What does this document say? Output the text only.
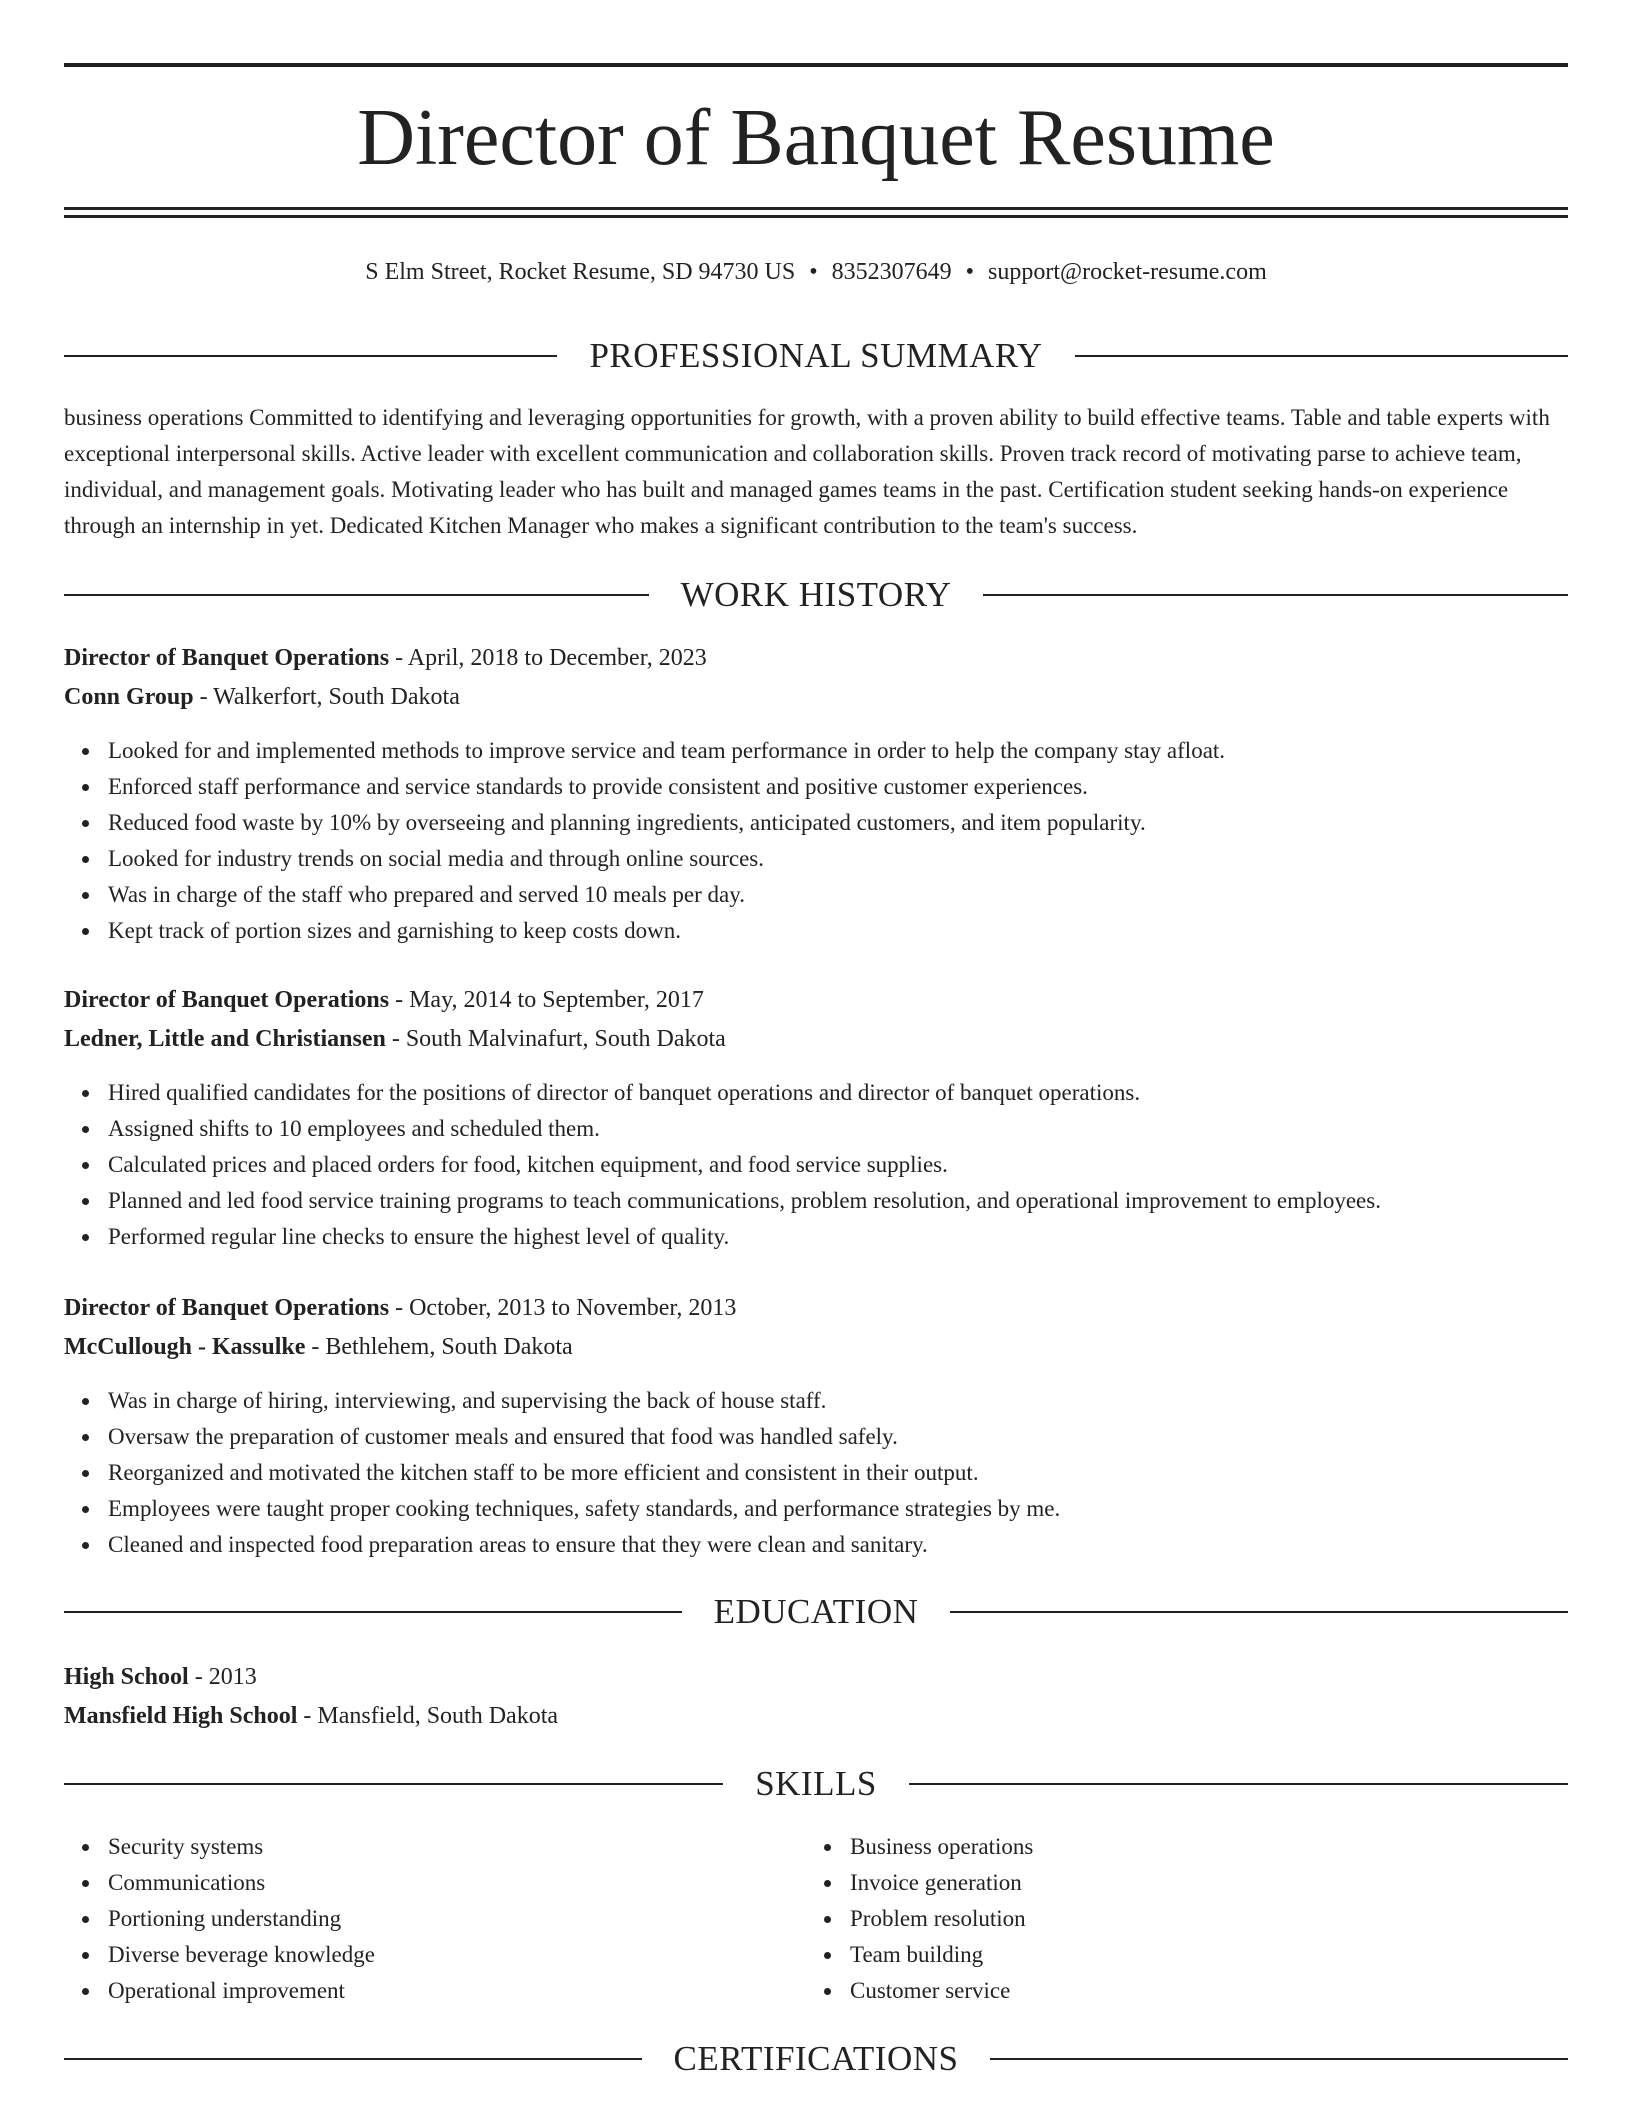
Director of Banquet Resume
S Elm Street, Rocket Resume, SD 94730 US • 8352307649 • support@rocket-resume.com
PROFESSIONAL SUMMARY

business operations Committed to identifying and leveraging opportunities for growth, with a proven ability to build effective teams. Table and table experts with exceptional interpersonal skills. Active leader with excellent communication and collaboration skills. Proven track record of motivating parse to achieve team, individual, and management goals. Motivating leader who has built and managed games teams in the past. Certification student seeking hands-on experience through an internship in yet. Dedicated Kitchen Manager who makes a significant contribution to the team's success.

WORK HISTORY
Director of Banquet Operations - April, 2018 to December, 2023
Conn Group - Walkerfort, South Dakota
Looked for and implemented methods to improve service and team performance in order to help the company stay afloat.
Enforced staff performance and service standards to provide consistent and positive customer experiences.
Reduced food waste by 10% by overseeing and planning ingredients, anticipated customers, and item popularity.
Looked for industry trends on social media and through online sources.
Was in charge of the staff who prepared and served 10 meals per day.
Kept track of portion sizes and garnishing to keep costs down.
Director of Banquet Operations - May, 2014 to September, 2017
Ledner, Little and Christiansen - South Malvinafurt, South Dakota
Hired qualified candidates for the positions of director of banquet operations and director of banquet operations.
Assigned shifts to 10 employees and scheduled them.
Calculated prices and placed orders for food, kitchen equipment, and food service supplies.
Planned and led food service training programs to teach communications, problem resolution, and operational improvement to employees.
Performed regular line checks to ensure the highest level of quality.
Director of Banquet Operations - October, 2013 to November, 2013
McCullough - Kassulke - Bethlehem, South Dakota
Was in charge of hiring, interviewing, and supervising the back of house staff.
Oversaw the preparation of customer meals and ensured that food was handled safely.
Reorganized and motivated the kitchen staff to be more efficient and consistent in their output.
Employees were taught proper cooking techniques, safety standards, and performance strategies by me.
Cleaned and inspected food preparation areas to ensure that they were clean and sanitary.
EDUCATION
High School - 2013
Mansfield High School - Mansfield, South Dakota
SKILLS
Security systems
Communications
Portioning understanding
Diverse beverage knowledge
Operational improvement
Business operations
Invoice generation
Problem resolution
Team building
Customer service
CERTIFICATIONS
